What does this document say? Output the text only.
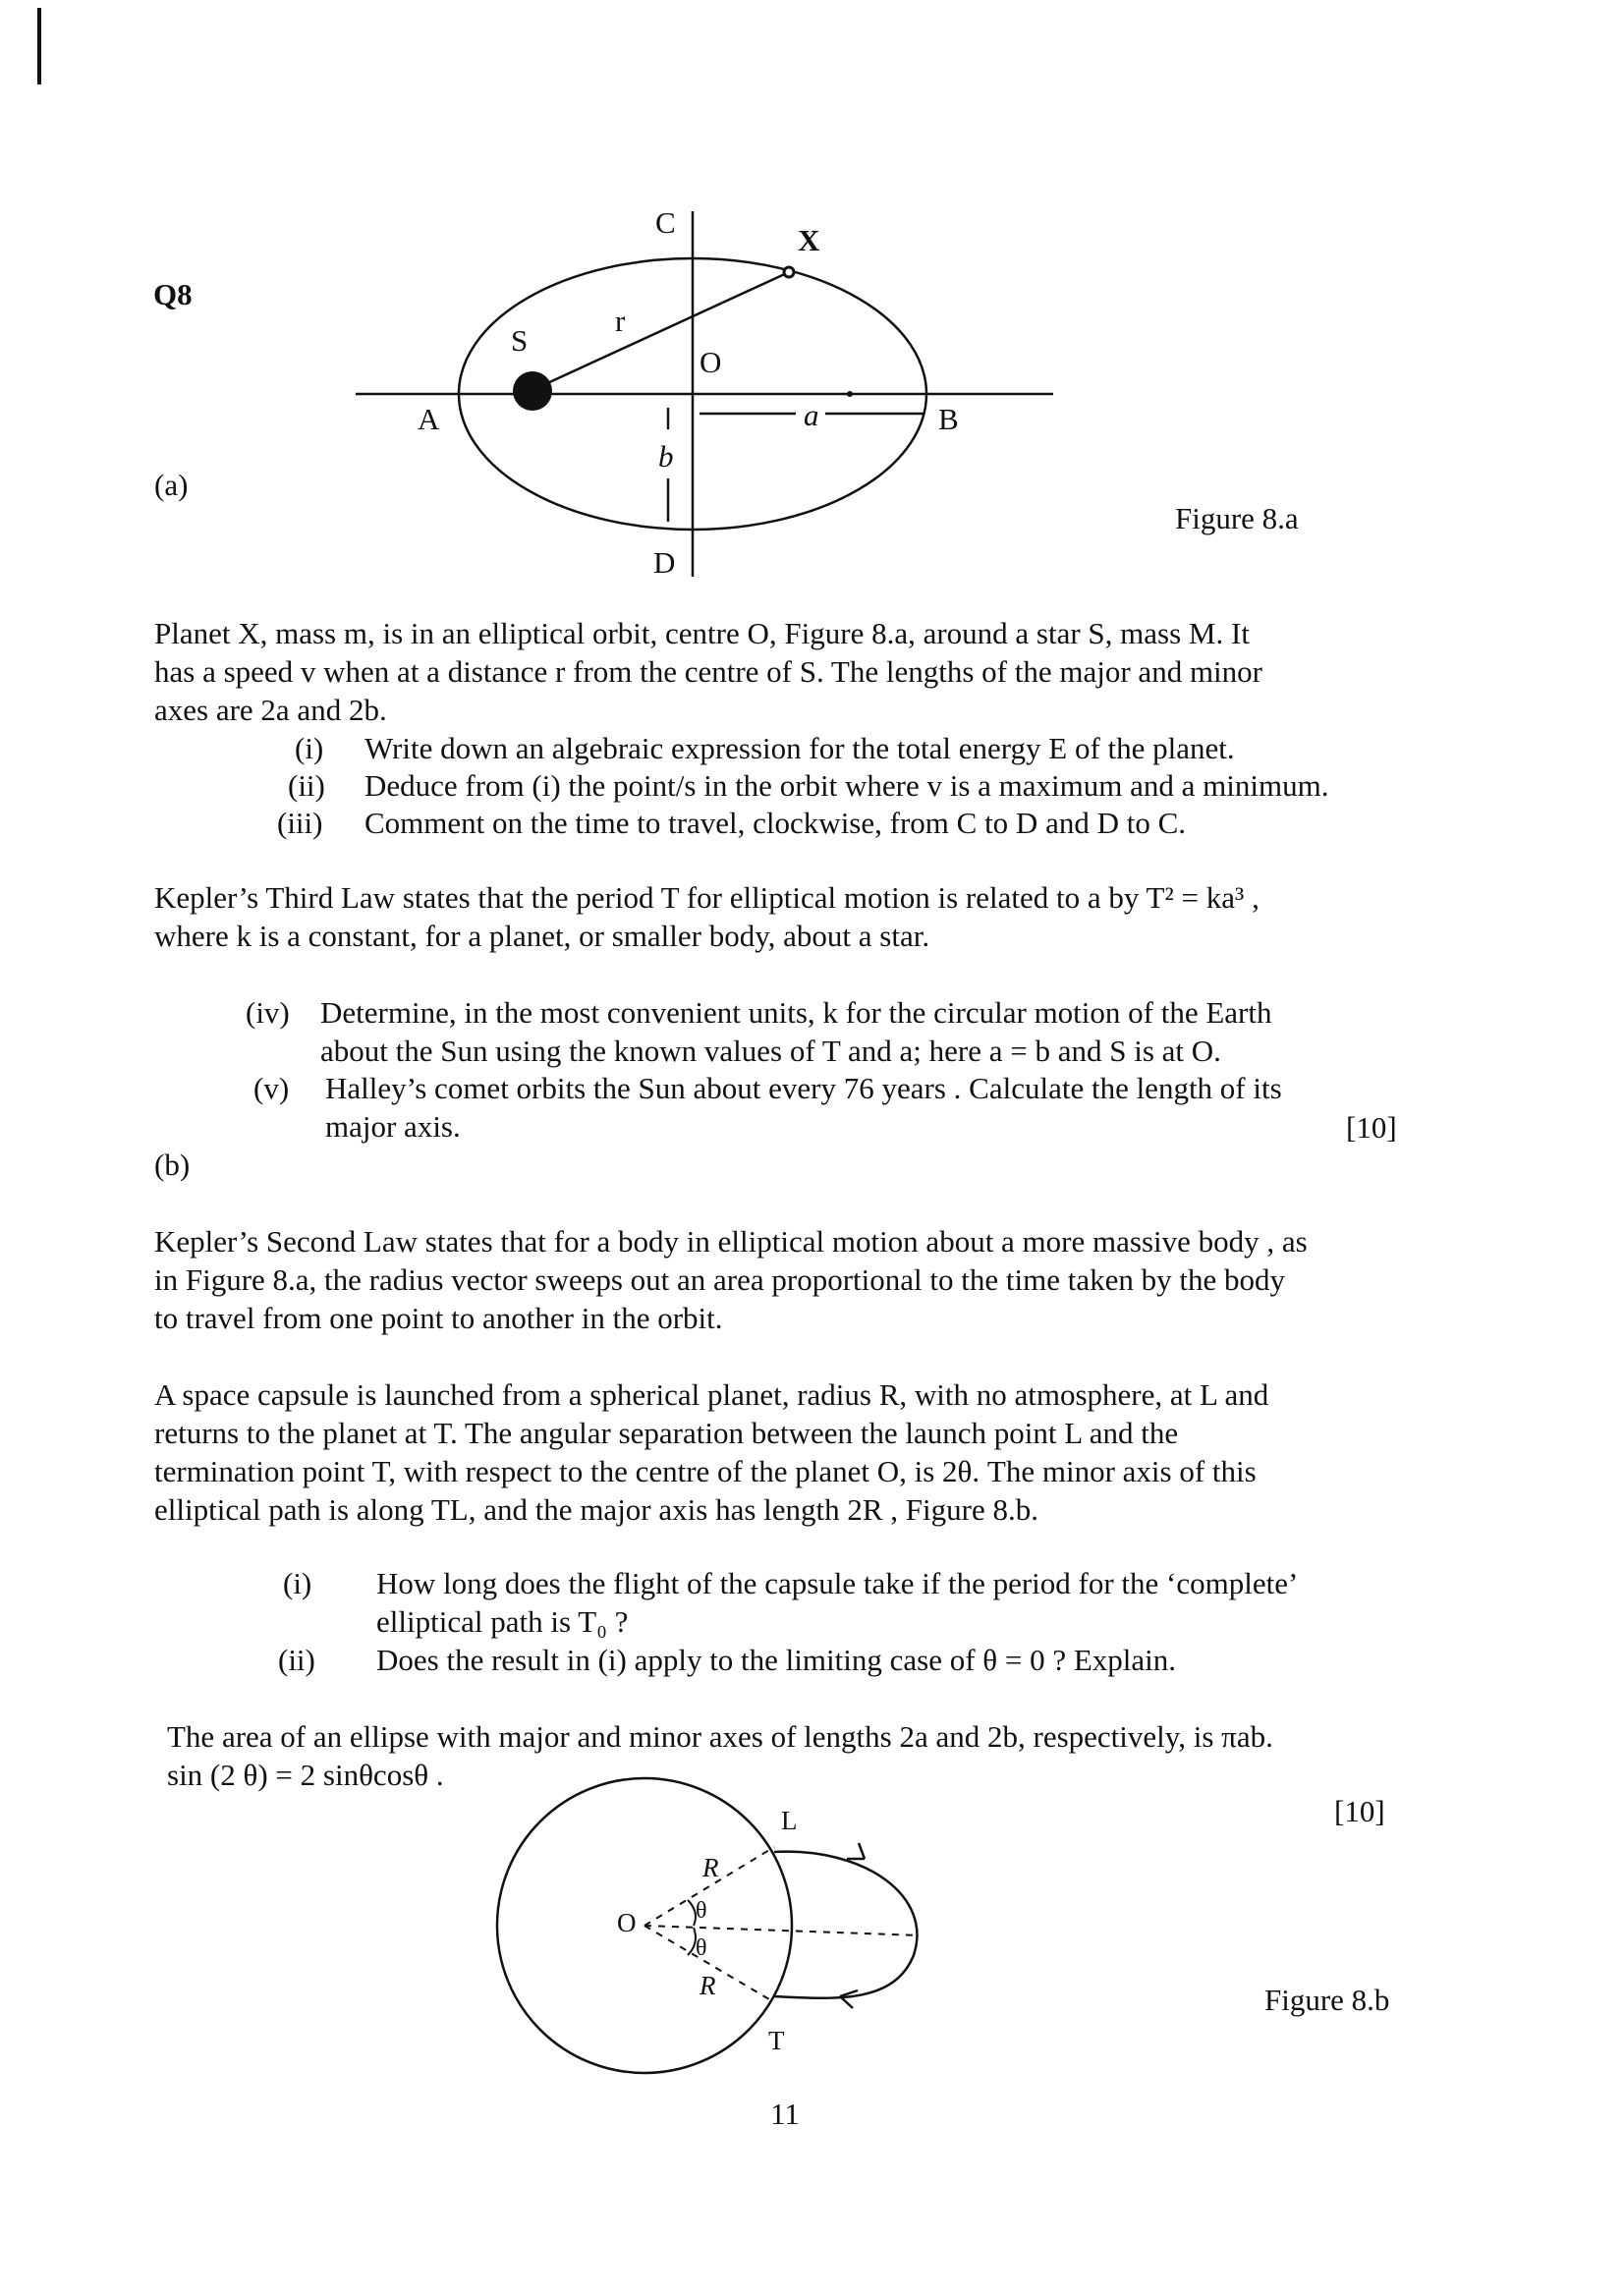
Q8
(a)
C
X
S
r
O
A	B
a
b
D
Figure 8.a
Planet X, mass m, is in an elliptical orbit, centre O, Figure 8.a, around a star S, mass M. It
has a speed v when at a distance r from the centre of S. The lengths of the major and minor
axes are 2a and 2b.
(i) Write down an algebraic expression for the total energy E of the planet.
(ii) Deduce from (i) the point/s in the orbit where v is a maximum and a minimum.
(iii) Comment on the time to travel, clockwise, from C to D and D to C.
Kepler’s Third Law states that the period T for elliptical motion is related to a by T² = ka³ ,
where k is a constant, for a planet, or smaller body, about a star.
(iv) Determine, in the most convenient units, k for the circular motion of the Earth
about the Sun using the known values of T and a; here a = b and S is at O.
(v) Halley’s comet orbits the Sun about every 76 years . Calculate the length of its
major axis.	[10]
(b)
Kepler’s Second Law states that for a body in elliptical motion about a more massive body , as
in Figure 8.a, the radius vector sweeps out an area proportional to the time taken by the body
to travel from one point to another in the orbit.
A space capsule is launched from a spherical planet, radius R, with no atmosphere, at L and
returns to the planet at T. The angular separation between the launch point L and the
termination point T, with respect to the centre of the planet O, is 2θ. The minor axis of this
elliptical path is along TL, and the major axis has length 2R , Figure 8.b.
(i) How long does the flight of the capsule take if the period for the ‘complete’
elliptical path is T₀ ?
(ii) Does the result in (i) apply to the limiting case of θ = 0 ? Explain.
The area of an ellipse with major and minor axes of lengths 2a and 2b, respectively, is πab.
sin (2 θ) = 2 sinθcosθ .
[10]
L
R
θ
O
θ
R
T
Figure 8.b
11
